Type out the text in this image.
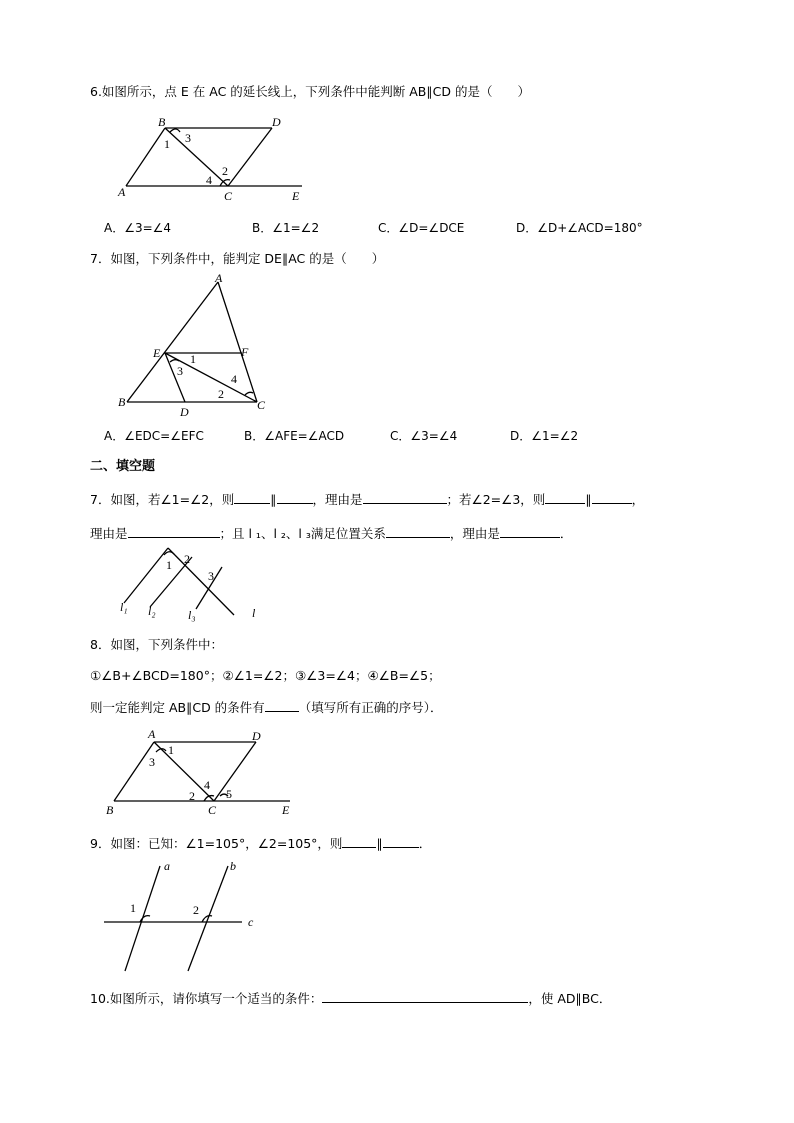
6.如图所示，点 E 在 AC 的延长线上，下列条件中能判断 AB∥CD 的是（　　）
B	D
A	C	E
1 3
2
4
A．∠3=∠4	B．∠1=∠2	C．∠D=∠DCE	D．∠D+∠ACD=180°
7．如图，下列条件中，能判定 DE∥AC 的是（　　）
A
E	F
B
D	C
1
3
4
2
A．∠EDC=∠EFC	B．∠AFE=∠ACD	C．∠3=∠4	D．∠1=∠2
二、填空题
7．如图，若∠1=∠2，则	∥	，理由是	；若∠2=∠3，则	∥	，
理由是	；且 l ₁、l ₂、l ₃满足位置关系	，理由是	．
l₁ l₂	l₃	l
1 2
3
8．如图，下列条件中：
①∠B+∠BCD=180°；②∠1=∠2；③∠3=∠4；④∠B=∠5；
则一定能判定 AB∥CD 的条件有	（填写所有正确的序号）．
A	D
B	C	E
1
3
4
2	5
9．如图：已知：∠1=105°，∠2=105°，则	∥	．
a	b
c
1	2
10.如图所示，请你填写一个适当的条件：	，使 AD∥BC．
